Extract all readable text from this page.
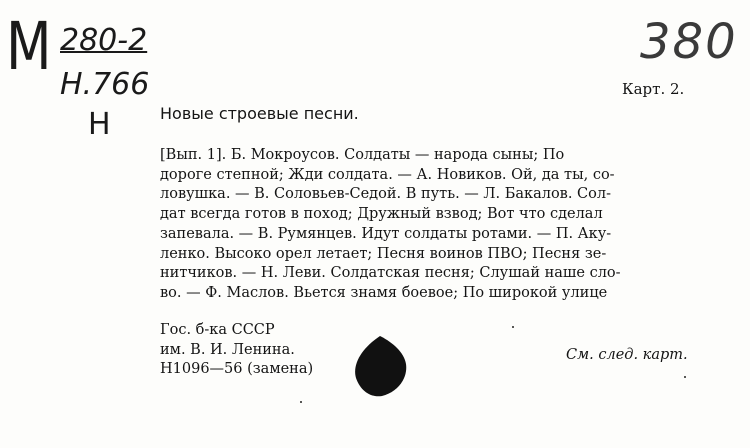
M 280-2
H.766
H
380
Карт. 2.
Новые строевые песни.
[Вып. 1]. Б. Мокроусов. Солдаты — народа сыны; По
дороге степной; Жди солдата. — А. Новиков. Ой, да ты, со-
ловушка. — В. Соловьев-Седой. В путь. — Л. Бакалов. Сол-
дат всегда готов в поход; Дружный взвод; Вот что сделал
запевала. — В. Румянцев. Идут солдаты ротами. — П. Аку-
ленко. Высоко орел летает; Песня воинов ПВО; Песня зе-
нитчиков. — Н. Леви. Солдатская песня; Слушай наше сло-
во. — Ф. Маслов. Вьется знамя боевое; По широкой улице
Гос. б-ка СССР
им. В. И. Ленина.
Н1096—56 (замена)
См. след. карт.
